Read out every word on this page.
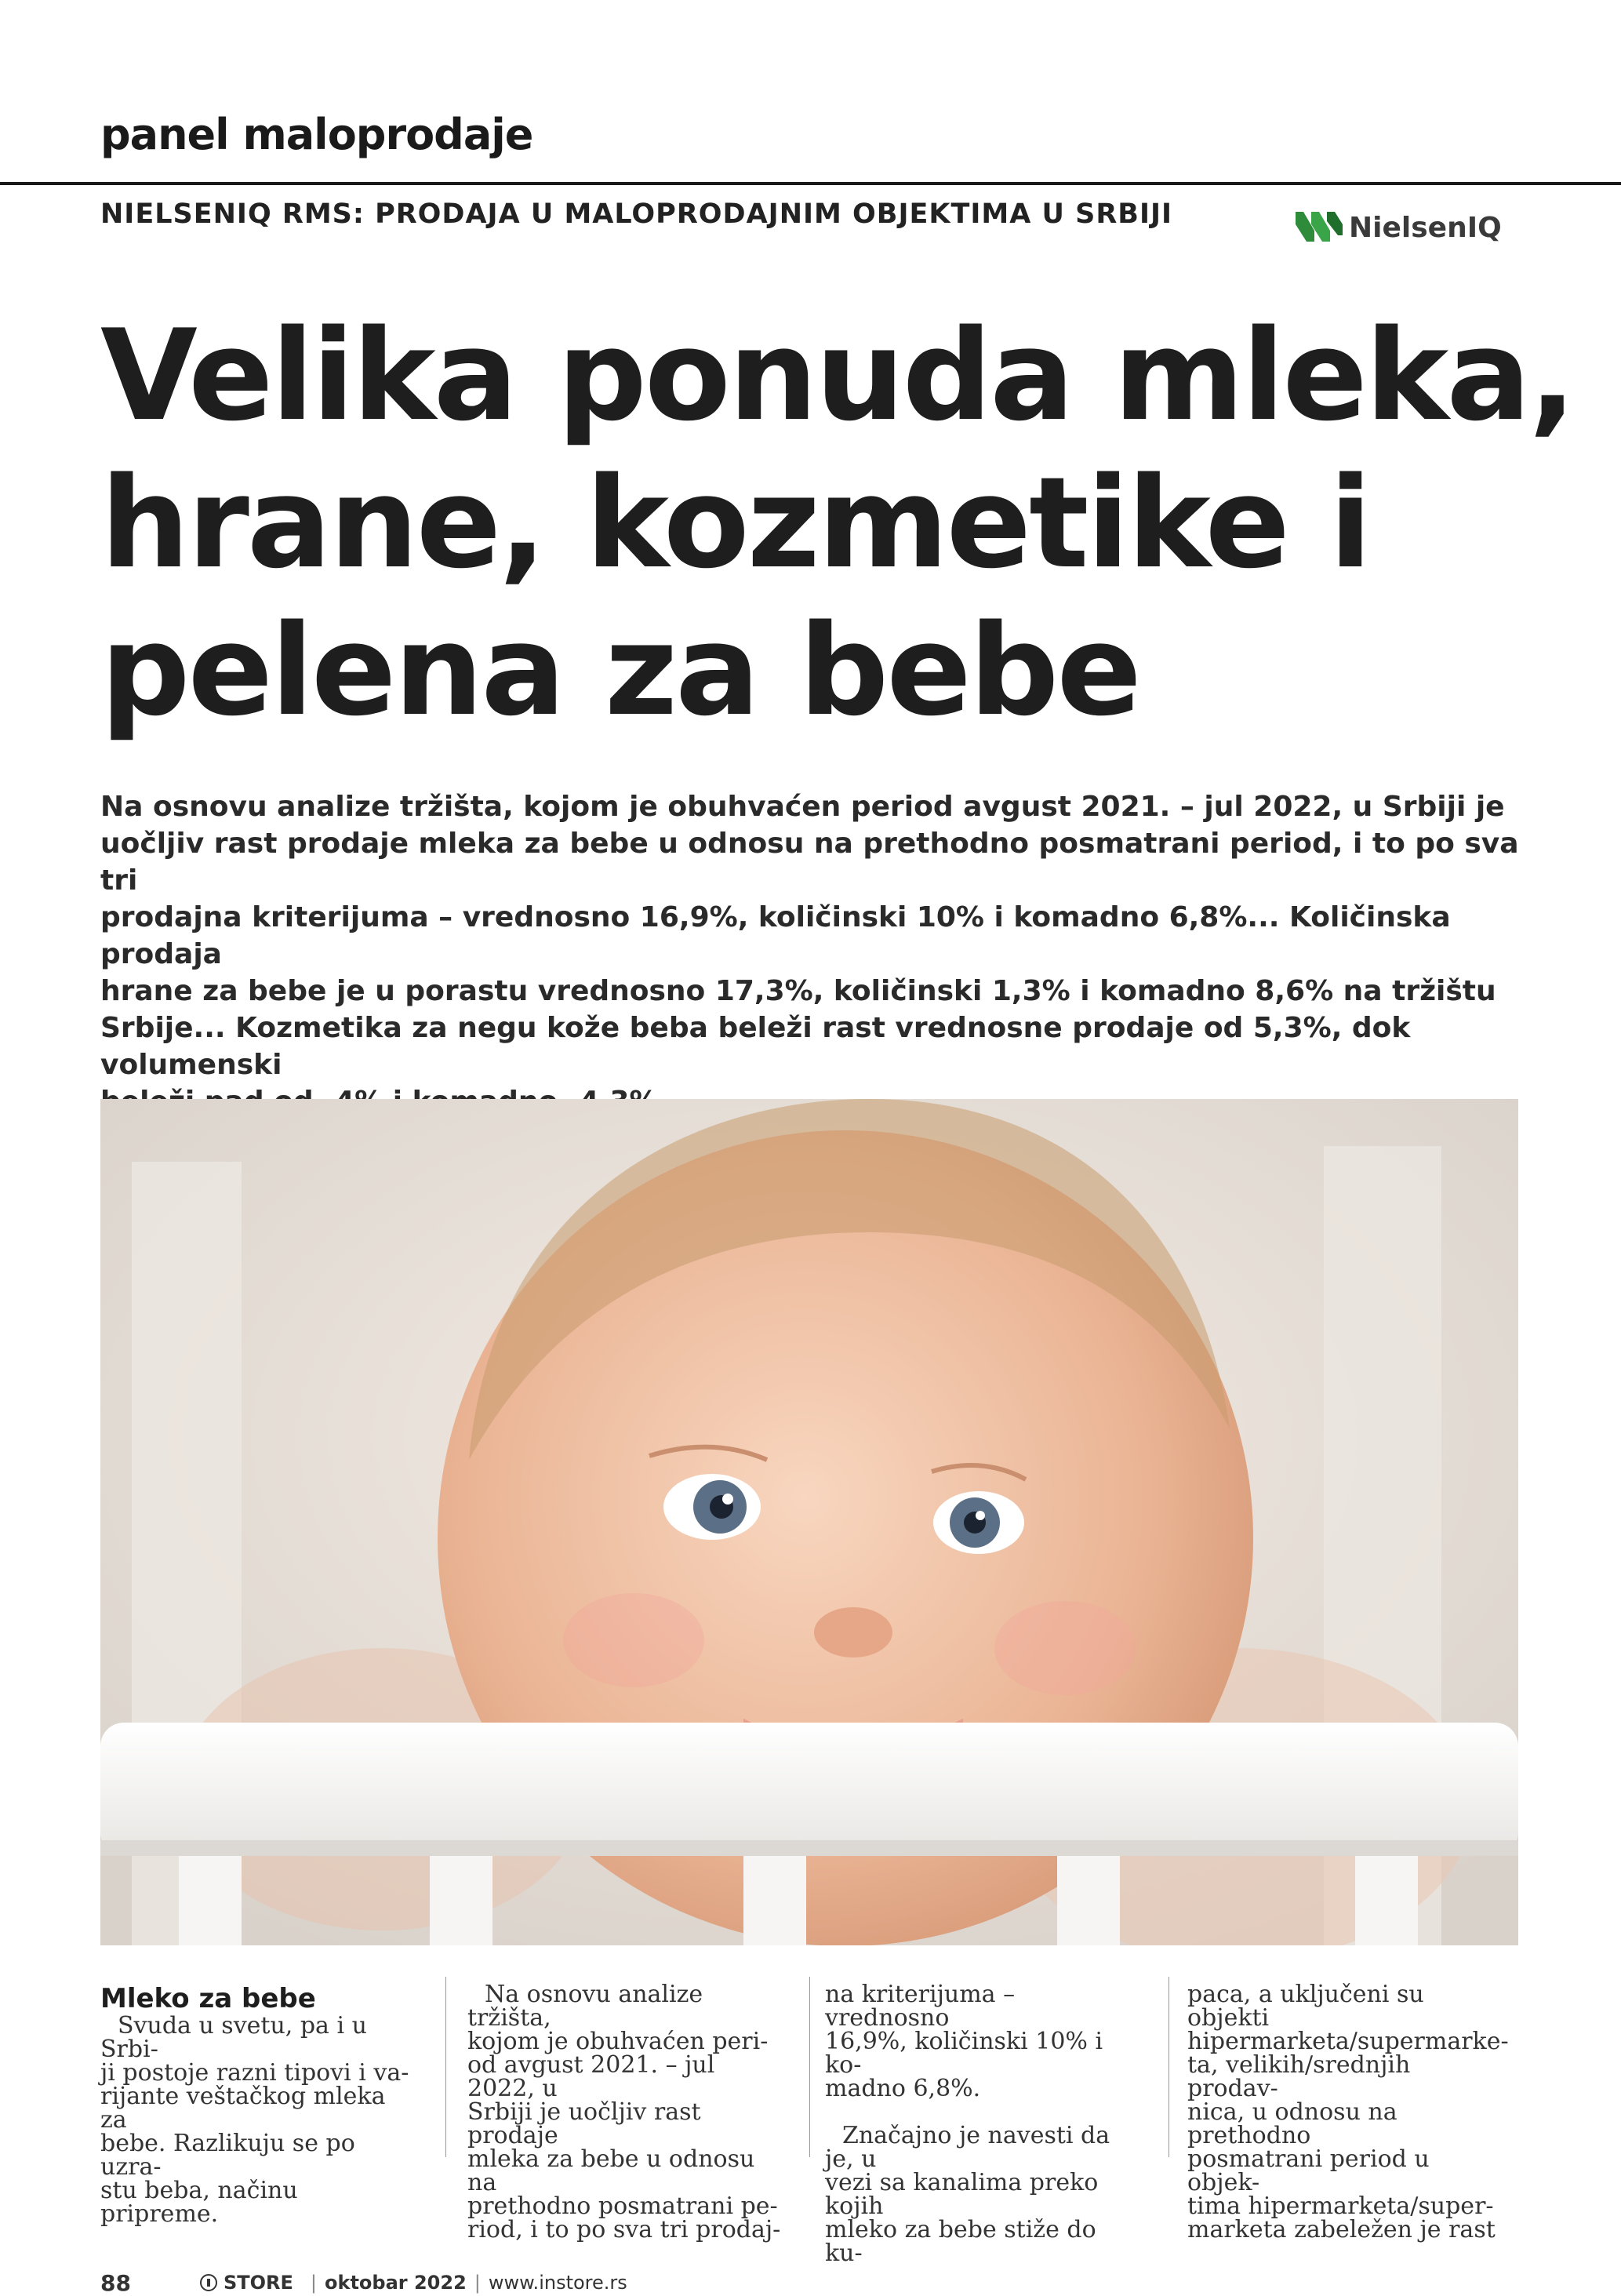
panel maloprodaje
NIELSENIQ RMS: PRODAJA U MALOPRODAJNIM OBJEKTIMA U SRBIJI	NielsenIQ
Velika ponuda mleka,
hrane, kozmetike i
pelena za bebe
Na osnovu analize tržišta, kojom je obuhvaćen period avgust 2021. – jul 2022, u Srbiji je
uočljiv rast prodaje mleka za bebe u odnosu na prethodno posmatrani period, i to po sva tri
prodajna kriterijuma – vrednosno 16,9%, količinski 10% i komadno 6,8%... Količinska prodaja
hrane za bebe je u porastu vrednosno 17,3%, količinski 1,3% i komadno 8,6% na tržištu
Srbije... Kozmetika za negu kože beba beleži rast vrednosne prodaje od 5,3%, dok volumenski

Mleko za bebe

Svuda u svetu, pa i u Srbi-

ji postoje razni tipovi i va-

rijante veštačkog mleka za

bebe. Razlikuju se po uzra-

stu beba, načinu pripreme.

Na osnovu analize tržišta,

kojom je obuhvaćen peri-

od avgust 2021. – jul 2022, u

Srbiji je uočljiv rast prodaje

mleka za bebe u odnosu na

prethodno posmatrani pe-

riod, i to po sva tri prodaj-

na kriterijuma – vrednosno

16,9%, količinski 10% i ko-

madno 6,8%.

Značajno je navesti da je, u

vezi sa kanalima preko kojih

mleko za bebe stiže do ku-

paca, a uključeni su objekti

hipermarketa/supermarke-

ta, velikih/srednjih prodav-

nica, u odnosu na prethodno

posmatrani period u objek-

tima hipermarketa/super-

marketa zabeležen je rast

88	STORE | oktobar 2022 | www.instore.rs
